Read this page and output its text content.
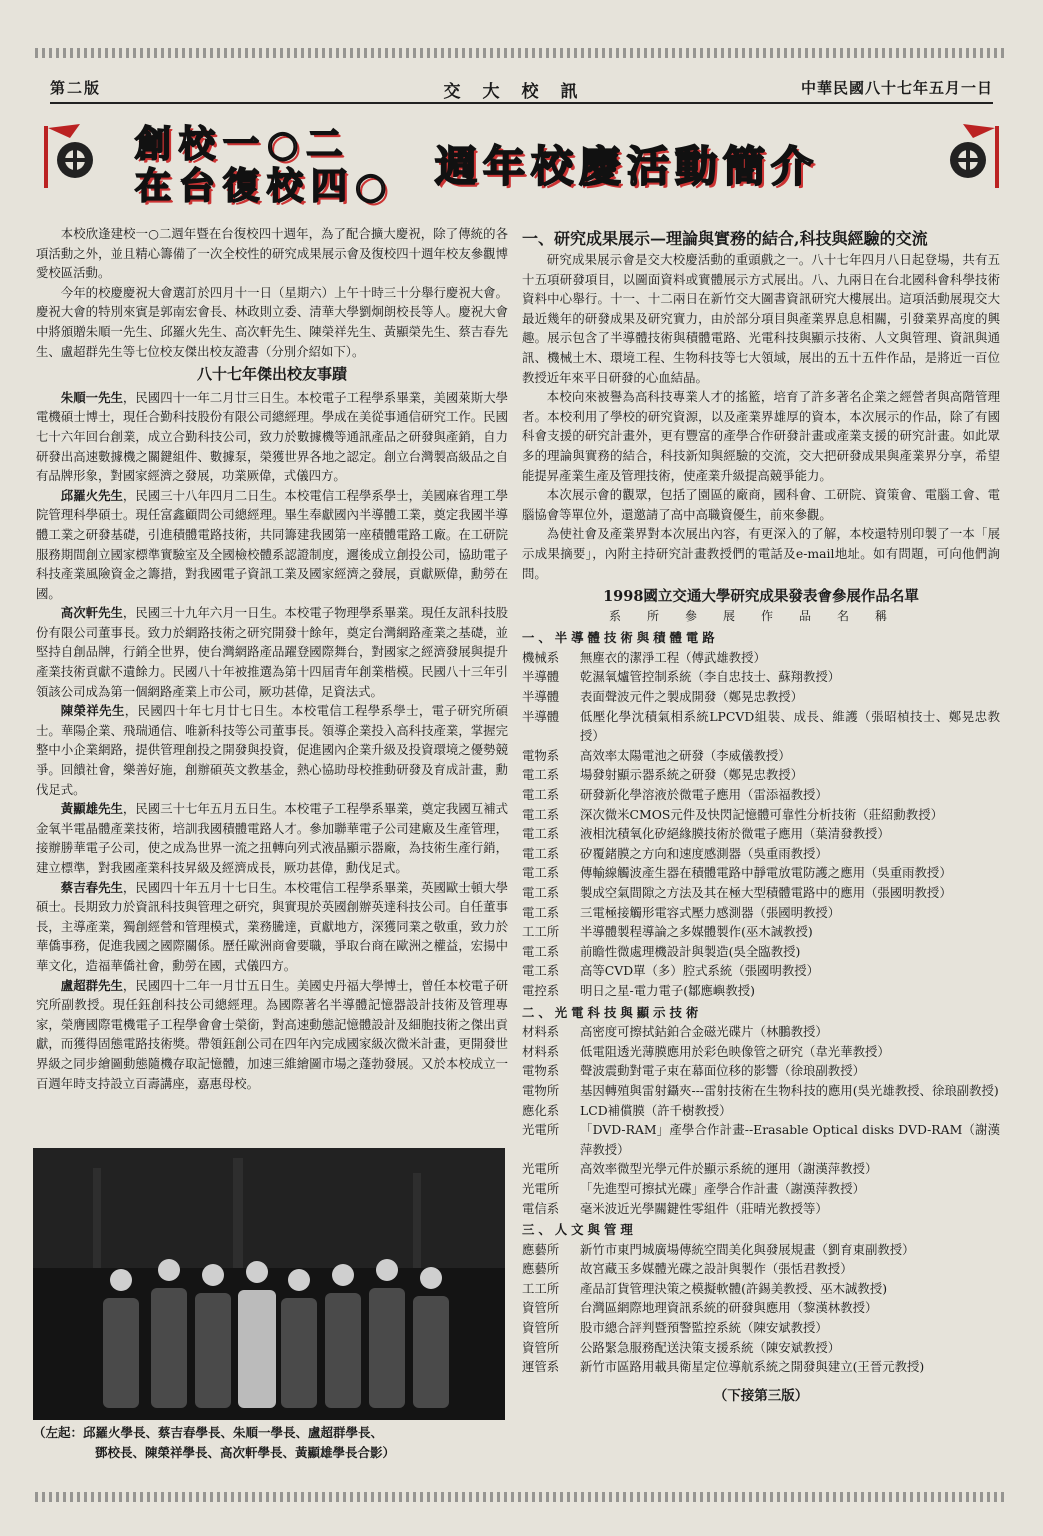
第二版	交大校訊	中華民國八十七年五月一日
創校一○二
在台復校四○ 週年校慶活動簡介

本校欣逢建校一○二週年暨在台復校四十週年，為了配合擴大慶祝，除了傳統的各項活動之外，並且精心籌備了一次全校性的研究成果展示會及復校四十週年校友參觀博愛校區活動。

今年的校慶慶祝大會選訂於四月十一日（星期六）上午十時三十分舉行慶祝大會。慶祝大會的特別來賓是郭南宏會長、林政則立委、清華大學劉炯朗校長等人。慶祝大會中將頒贈朱順一先生、邱羅火先生、高次軒先生、陳榮祥先生、黃顯榮先生、蔡吉春先生、盧超群先生等七位校友傑出校友證書（分別介紹如下）。

八十七年傑出校友事蹟

朱順一先生，民國四十一年二月廿三日生。本校電子工程學系畢業，美國萊斯大學電機碩士博士，現任合勤科技股份有限公司總經理。學成在美從事通信研究工作。民國七十六年回台創業，成立合勤科技公司，致力於數據機等通訊產品之研發與產銷，自力研發出高速數據機之關鍵組件、數據泵，榮獲世界各地之認定。創立台灣製高級品之自有品牌形象，對國家經濟之發展，功業厥偉，式儀四方。

邱羅火先生，民國三十八年四月二日生。本校電信工程學系學士，美國麻省理工學院管理科學碩士。現任富鑫顧問公司總經理。畢生奉獻國內半導體工業，奠定我國半導體工業之研發基礎，引進積體電路技術，共同籌建我國第一座積體電路工廠。在工研院服務期間創立國家標準實驗室及全國檢校體系認證制度，邇後成立創投公司，協助電子科技產業風險資金之籌措，對我國電子資訊工業及國家經濟之發展，貢獻厥偉，勳勞在國。

高次軒先生，民國三十九年六月一日生。本校電子物理學系畢業。現任友訊科技股份有限公司董事長。致力於網路技術之研究開發十餘年，奠定台灣網路產業之基礎，並堅持自創品牌，行銷全世界，使台灣網路產品躍登國際舞台，對國家之經濟發展與提升產業技術貢獻不遺餘力。民國八十年被推選為第十四屆青年創業楷模。民國八十三年引領該公司成為第一個網路產業上市公司，厥功甚偉，足資法式。

陳榮祥先生，民國四十年七月廿七日生。本校電信工程學系學士，電子研究所碩士。華陽企業、飛瑞通信、唯新科技等公司董事長。領導企業投入高科技產業，掌握完整中小企業網路，提供管理創投之開發與投資，促進國內企業升級及投資環境之優勢競爭。回饋社會，樂善好施，創辦碩英文教基金，熱心協助母校推動研發及育成計畫，勳伐足式。

黃顯雄先生，民國三十七年五月五日生。本校電子工程學系畢業，奠定我國互補式金氧半電晶體產業技術，培訓我國積體電路人才。參加聯華電子公司建廠及生產管理，接辦勝華電子公司，使之成為世界一流之扭轉向列式液晶顯示器廠，為技術生產行銷，建立標準，對我國產業科技昇級及經濟成長，厥功甚偉，勳伐足式。

蔡吉春先生，民國四十年五月十七日生。本校電信工程學系畢業，英國歐士頓大學碩士。長期致力於資訊科技與管理之研究，與實現於英國創辦英達科技公司。自任董事長，主導產業，獨創經營和管理模式，業務騰達，貢獻地方，深獲同業之敬重，致力於華僑事務，促進我國之國際關係。歷任歐洲商會要職，爭取台商在歐洲之權益，宏揚中華文化，造福華僑社會，勳勞在國，式儀四方。

盧超群先生，民國四十二年一月廿五日生。美國史丹福大學博士，曾任本校電子研究所副教授。現任鈺創科技公司總經理。為國際著名半導體記憶器設計技術及管理專家，榮膺國際電機電子工程學會會士榮銜，對高速動態記憶體設計及細胞技術之傑出貢獻，而獲得固態電路技術獎。帶領鈺創公司在四年內完成國家級次微米計畫，更開發世界級之同步繪圖動態隨機存取記憶體，加速三維繪圖市場之蓬勃發展。又於本校成立一百週年時支持設立百壽講座，嘉惠母校。

（左起：邱羅火學長、蔡吉春學長、朱順一學長、盧超群學長、
鄧校長、陳榮祥學長、高次軒學長、黃顯雄學長合影）
一、研究成果展示—理論與實務的結合,科技與經驗的交流

研究成果展示會是交大校慶活動的重頭戲之一。八十七年四月八日起登場，共有五十五項研發項目，以圖面資料或實體展示方式展出。八、九兩日在台北國科會科學技術資料中心舉行。十一、十二兩日在新竹交大圖書資訊研究大樓展出。這項活動展現交大最近幾年的研發成果及研究實力，由於部分項目與產業界息息相關，引發業界高度的興趣。展示包含了半導體技術與積體電路、光電科技與顯示技術、人文與管理、資訊與通訊、機械土木、環境工程、生物科技等七大領域，展出的五十五件作品，是將近一百位教授近年來平日研發的心血結晶。

本校向來被譽為高科技專業人才的搖籃，培育了許多著名企業之經營者與高階管理者。本校利用了學校的研究資源，以及產業界雄厚的資本，本次展示的作品，除了有國科會支援的研究計畫外，更有豐富的產學合作研發計畫或產業支援的研究計畫。如此眾多的理論與實務的結合，科技新知與經驗的交流，交大把研發成果與產業界分享，希望能提昇產業生產及管理技術，使產業升級提高競爭能力。

本次展示會的觀眾，包括了園區的廠商，國科會、工研院、資策會、電腦工會、電腦協會等單位外，還邀請了高中高職資優生，前來參觀。

為使社會及產業界對本次展出內容，有更深入的了解，本校還特別印製了一本「展示成果摘要」，內附主持研究計畫教授們的電話及e-mail地址。如有問題，可向他們詢問。

1998國立交通大學研究成果發表會參展作品名單
系所參展作品名稱
一、半導體技術與積體電路
機械系	無塵衣的潔淨工程（傅武雄教授）
半導體	乾濕氧爐管控制系統（李自忠技士、蘇翔教授）
半導體	表面聲波元件之製成開發（鄭晃忠教授）
半導體	低壓化學沈積氣相系統LPCVD組裝、成長、維護（張昭楨技士、鄭晃忠教授）
電物系	高效率太陽電池之研發（李威儀教授）
電工系	場發射顯示器系統之研發（鄭晃忠教授）
電工系	研發新化學溶液於微電子應用（雷添福教授）
電工系	深次微米CMOS元件及快閃記憶體可靠性分析技術（莊紹勳教授）
電工系	液相沈積氧化矽絕緣膜技術於微電子應用（葉清發教授）
電工系	矽覆鍺膜之方向和速度感測器（吳重雨教授）
電工系	傳輸線觸波產生器在積體電路中靜電放電防護之應用（吳重雨教授）
電工系	製成空氣間隙之方法及其在極大型積體電路中的應用（張國明教授）
電工系	三電極接觸形電容式壓力感測器（張國明教授）
工工所	半導體製程導論之多媒體製作(巫木誠教授)
電工系	前瞻性微處理機設計與製造(吳全臨教授)
電工系	高等CVD單（多）腔式系統（張國明教授）
電控系	明日之星-電力電子(鄒應嶼教授)
二、光電科技與顯示技術
材料系	高密度可擦拭鈷鉑合金磁光碟片（林鵬教授）
材料系	低電阻透光薄膜應用於彩色映像管之研究（韋光華教授）
電物系	聲波震動對電子束在幕面位移的影響（徐琅副教授）
電物所	基因轉殖與雷射鑷夾---雷射技術在生物科技的應用(吳光雄教授、徐琅副教授)
應化系	LCD補償膜（許千樹教授）
光電所	「DVD-RAM」產學合作計畫--Erasable Optical disks DVD-RAM（謝漢萍教授）
光電所	高效率微型光學元件於顯示系統的運用（謝漢萍教授）
光電所	「先進型可擦拭光碟」產學合作計畫（謝漢萍教授）
電信系	毫米波近光學關鍵性零組件（莊晴光教授等）
三、人文與管理
應藝所	新竹市東門城廣場傳統空間美化與發展規畫（劉育東副教授）
應藝所	故宮藏玉多媒體光碟之設計與製作（張恬君教授）
工工所	產品訂貨管理決策之模擬軟體(許錫美教授、巫木誠教授)
資管所	台灣區網際地理資訊系統的研發與應用（黎漢林教授）
資管所	股市總合評判暨預警監控系統（陳安斌教授）
資管所	公路緊急服務配送決策支援系統（陳安斌教授）
運管系	新竹市區路用載具衛星定位導航系統之開發與建立(王晉元教授)
（下接第三版）
